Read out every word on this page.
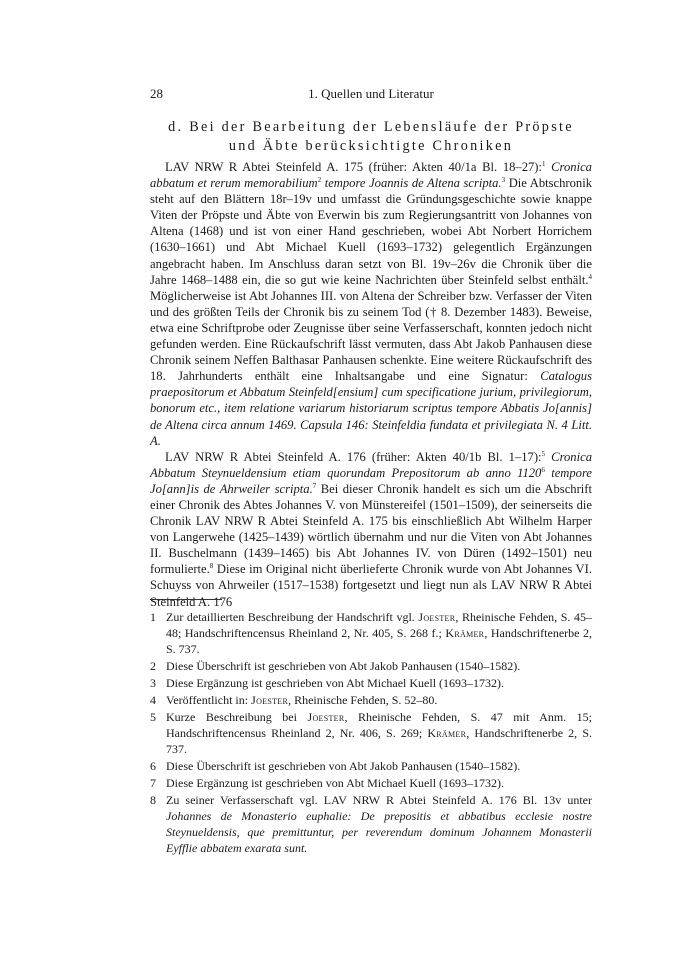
28	1. Quellen und Literatur
d. Bei der Bearbeitung der Lebensläufe der Pröpste
und Äbte berücksichtigte Chroniken

LAV NRW R Abtei Steinfeld A. 175 (früher: Akten 40/1a Bl. 18–27):$^1$ Cronica abbatum et rerum memorabilium$^2$ tempore Joannis de Altena scripta.$^3$ Die Abtschronik steht auf den Blättern 18r–19v und umfasst die Gründungsgeschichte sowie knappe Viten der Pröpste und Äbte von Everwin bis zum Regierungsantritt von Johannes von Altena (1468) und ist von einer Hand geschrieben, wobei Abt Norbert Horrichem (1630–1661) und Abt Michael Kuell (1693–1732) gelegentlich Ergänzungen angebracht haben. Im Anschluss daran setzt von Bl. 19v–26v die Chronik über die Jahre 1468–1488 ein, die so gut wie keine Nachrichten über Steinfeld selbst enthält.$^4$ Möglicherweise ist Abt Johannes III. von Altena der Schreiber bzw. Verfasser der Viten und des größten Teils der Chronik bis zu seinem Tod († 8. Dezember 1483). Beweise, etwa eine Schriftprobe oder Zeugnisse über seine Verfasserschaft, konnten jedoch nicht gefunden werden. Eine Rückaufschrift lässt vermuten, dass Abt Jakob Panhausen diese Chronik seinem Neffen Balthasar Panhausen schenkte. Eine weitere Rückaufschrift des 18. Jahrhunderts enthält eine Inhaltsangabe und eine Signatur: Catalogus praepositorum et Abbatum Steinfeld[ensium] cum specificatione jurium, privilegiorum, bonorum etc., item relatione variarum historiarum scriptus tempore Abbatis Jo[annis] de Altena circa annum 1469. Capsula 146: Steinfeldia fundata et privilegiata N. 4 Litt. A.

LAV NRW R Abtei Steinfeld A. 176 (früher: Akten 40/1b Bl. 1–17):$^5$ Cronica Abbatum Steynueldensium etiam quorundam Prepositorum ab anno 1120$^6$ tempore Jo[ann]is de Ahrweiler scripta.$^7$ Bei dieser Chronik handelt es sich um die Abschrift einer Chronik des Abtes Johannes V. von Münstereifel (1501–1509), der seinerseits die Chronik LAV NRW R Abtei Steinfeld A. 175 bis einschließlich Abt Wilhelm Harper von Langerwehe (1425–1439) wörtlich übernahm und nur die Viten von Abt Johannes II. Buschelmann (1439–1465) bis Abt Johannes IV. von Düren (1492–1501) neu formulierte.$^8$ Diese im Original nicht überlieferte Chronik wurde von Abt Johannes VI. Schuyss von Ahrweiler (1517–1538) fortgesetzt und liegt nun als LAV NRW R Abtei Steinfeld A. 176

1 Zur detaillierten Beschreibung der Handschrift vgl. Joester, Rheinische Fehden, S. 45–48; Handschriftencensus Rheinland 2, Nr. 405, S. 268 f.; Krämer, Handschriftenerbe 2, S. 737.
2 Diese Überschrift ist geschrieben von Abt Jakob Panhausen (1540–1582).
3 Diese Ergänzung ist geschrieben von Abt Michael Kuell (1693–1732).
4 Veröffentlicht in: Joester, Rheinische Fehden, S. 52–80.
5 Kurze Beschreibung bei Joester, Rheinische Fehden, S. 47 mit Anm. 15; Handschriftencensus Rheinland 2, Nr. 406, S. 269; Krämer, Handschriftenerbe 2, S. 737.
6 Diese Überschrift ist geschrieben von Abt Jakob Panhausen (1540–1582).
7 Diese Ergänzung ist geschrieben von Abt Michael Kuell (1693–1732).
8 Zu seiner Verfasserschaft vgl. LAV NRW R Abtei Steinfeld A. 176 Bl. 13v unter Johannes de Monasterio euphalie: De prepositis et abbatibus ecclesie nostre Steynueldensis, que premittuntur, per reverendum dominum Johannem Monasterii Eyfflie abbatem exarata sunt.
